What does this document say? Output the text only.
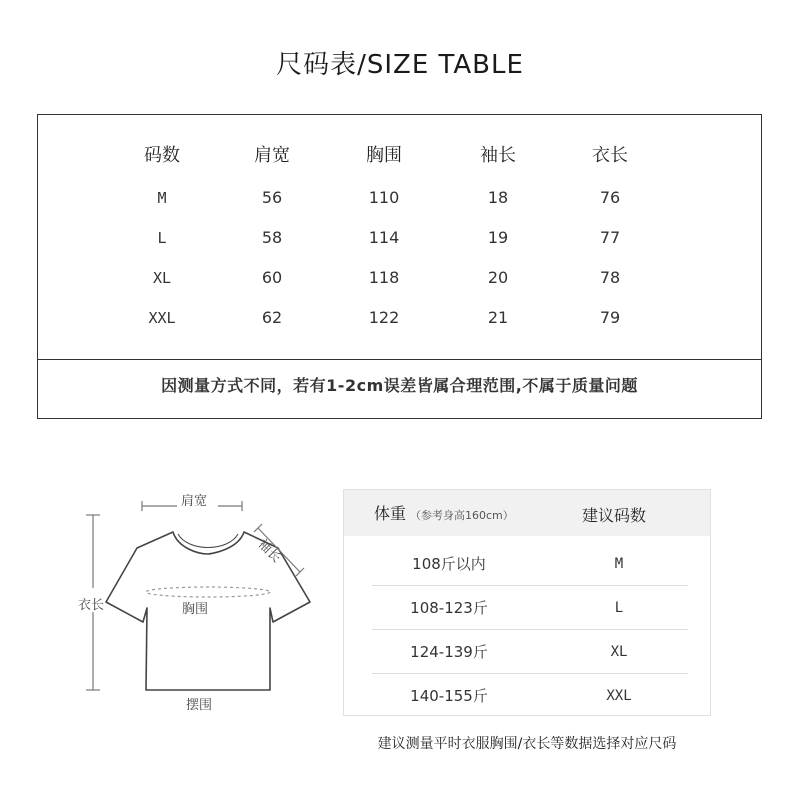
尺码表/SIZE TABLE
码数	肩宽	胸围	袖长	衣长
M	56	110	18	76
L	58	114	19	77
XL	60	118	20	78
XXL	62	122	21	79
因测量方式不同，若有1-2cm误差皆属合理范围,不属于质量问题
肩宽
袖长
衣长	胸围
摆围
体重 （参考身高160cm）	建议码数
108斤以内	M
108-123斤	L
124-139斤	XL
140-155斤	XXL
建议测量平时衣服胸围/衣长等数据选择对应尺码
